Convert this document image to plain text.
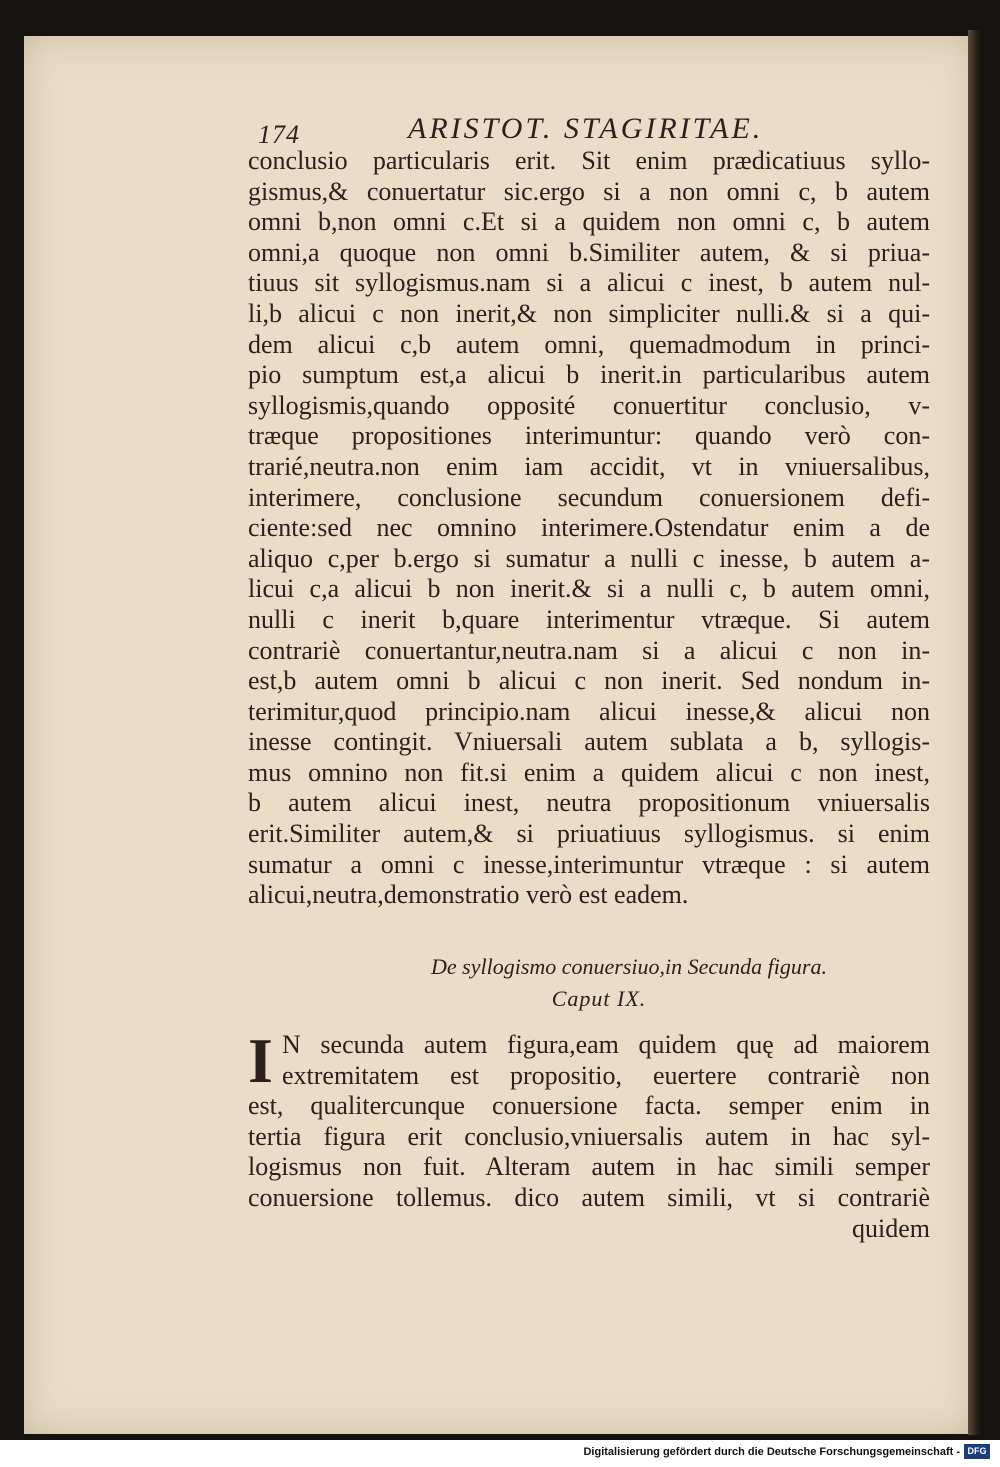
174	ARISTOT. STAGIRITAE.
conclusio particularis erit. Sit enim prædicatiuus syllo-
gismus,& conuertatur sic.ergo si a non omni c, b autem
omni b,non omni c.Et si a quidem non omni c, b autem
omni,a quoque non omni b.Similiter autem, & si priua-
tiuus sit syllogismus.nam si a alicui c inest, b autem nul-
li,b alicui c non inerit,& non simpliciter nulli.& si a qui-
dem alicui c,b autem omni, quemadmodum in princi-
pio sumptum est,a alicui b inerit.in particularibus autem
syllogismis,quando opposité conuertitur conclusio, v-
træque propositiones interimuntur: quando verò con-
trarié,neutra.non enim iam accidit, vt in vniuersalibus,
interimere, conclusione secundum conuersionem defi-
ciente:sed nec omnino interimere.Ostendatur enim a de
aliquo c,per b.ergo si sumatur a nulli c inesse, b autem a-
licui c,a alicui b non inerit.& si a nulli c, b autem omni,
nulli c inerit b,quare interimentur vtræque. Si autem
contrariè conuertantur,neutra.nam si a alicui c non in-
est,b autem omni b alicui c non inerit. Sed nondum in-
terimitur,quod principio.nam alicui inesse,& alicui non
inesse contingit. Vniuersali autem sublata a b, syllogis-
mus omnino non fit.si enim a quidem alicui c non inest,
b autem alicui inest, neutra propositionum vniuersalis
erit.Similiter autem,& si priuatiuus syllogismus. si enim
sumatur a omni c inesse,interimuntur vtræque : si autem
alicui,neutra,demonstratio verò est eadem.
De syllogismo conuersiuo,in Secunda figura.
Caput IX.
I N secunda autem figura,eam quidem quę ad maiorem
extremitatem est propositio, euertere contrariè non
est, qualitercunque conuersione facta. semper enim in
tertia figura erit conclusio,vniuersalis autem in hac syl-
logismus non fuit. Alteram autem in hac simili semper
conuersione tollemus. dico autem simili, vt si contrariè
quidem
Digitalisierung gefördert durch die Deutsche Forschungsgemeinschaft - DFG
